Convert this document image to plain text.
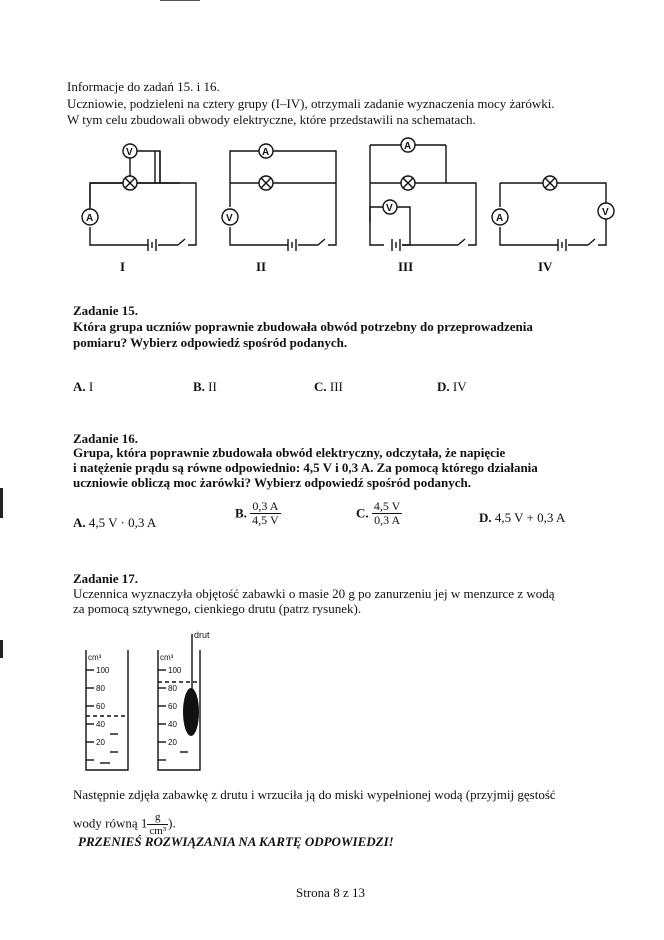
Informacje do zadań 15. i 16.
Uczniowie, podzieleni na cztery grupy (I–IV), otrzymali zadanie wyznaczenia mocy żarówki.
W tym celu zbudowali obwody elektryczne, które przedstawili na schematach.
V
A
A
V
A
V
A
V
I	II	III	IV
Zadanie 15.
Która grupa uczniów poprawnie zbudowała obwód potrzebny do przeprowadzenia
pomiaru? Wybierz odpowiedź spośród podanych.
A. I	B. II	C. III	D. IV
Zadanie 16.
Grupa, która poprawnie zbudowała obwód elektryczny, odczytała, że napięcie
i natężenie prądu są równe odpowiednio: 4,5 V i 0,3 A. Za pomocą którego działania
uczniowie obliczą moc żarówki? Wybierz odpowiedź spośród podanych.
A. 4,5 V · 0,3 A
B. $\frac{0,3 A}{4,5 V}$	C. $\frac{4,5 V}{0,3 A}$	D. 4,5 V + 0,3 A
Zadanie 17.
Uczennica wyznaczyła objętość zabawki o masie 20 g po zanurzeniu jej w menzurce z wodą
za pomocą sztywnego, cienkiego drutu (patrz rysunek).
drut
cm³	cm³
100
80
60
40
20
100
80
60
40
20
Następnie zdjęła zabawkę z drutu i wrzuciła ją do miski wypełnionej wodą (przyjmij gęstość
wody równą $1 \frac{g}{\text{cm³}}$ ).
PRZENIEŚ ROZWIĄZANIA NA KARTĘ ODPOWIEDZI!
Strona 8 z 13
